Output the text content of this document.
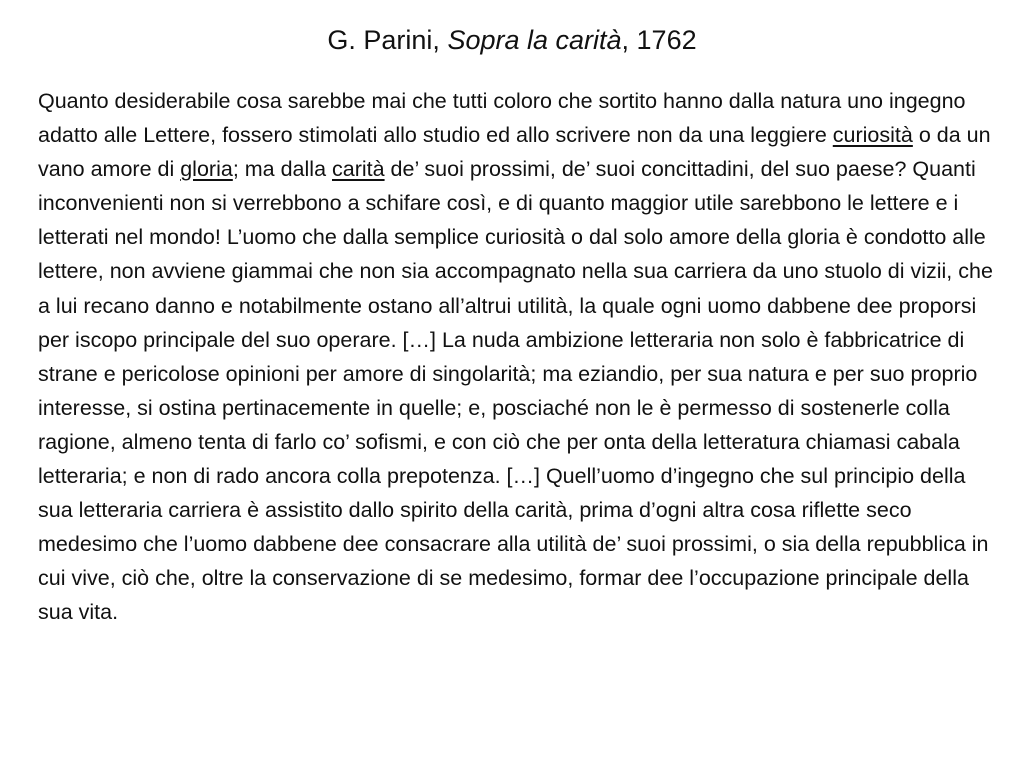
G. Parini, Sopra la carità, 1762

Quanto desiderabile cosa sarebbe mai che tutti coloro che sortito hanno dalla natura uno ingegno adatto alle Lettere, fossero stimolati allo studio ed allo scrivere non da una leggiere curiosità o da un vano amore di gloria; ma dalla carità de’ suoi prossimi, de’ suoi concittadini, del suo paese? Quanti inconvenienti non si verrebbono a schifare così, e di quanto maggior utile sarebbono le lettere e i letterati nel mondo! L’uomo che dalla semplice curiosità o dal solo amore della gloria è condotto alle lettere, non avviene giammai che non sia accompagnato nella sua carriera da uno stuolo di vizii, che a lui recano danno e notabilmente ostano all’altrui utilità, la quale ogni uomo dabbene dee proporsi per iscopo principale del suo operare. […] La nuda ambizione letteraria non solo è fabbricatrice di strane e pericolose opinioni per amore di singolarità; ma eziandio, per sua natura e per suo proprio interesse, si ostina pertinacemente in quelle; e, posciaché non le è permesso di sostenerle colla ragione, almeno tenta di farlo co’ sofismi, e con ciò che per onta della letteratura chiamasi cabala letteraria; e non di rado ancora colla prepotenza. […] Quell’uomo d’ingegno che sul principio della sua letteraria carriera è assistito dallo spirito della carità, prima d’ogni altra cosa riflette seco medesimo che l’uomo dabbene dee consacrare alla utilità de’ suoi prossimi, o sia della repubblica in cui vive, ciò che, oltre la conservazione di se medesimo, formar dee l’occupazione principale della sua vita.
